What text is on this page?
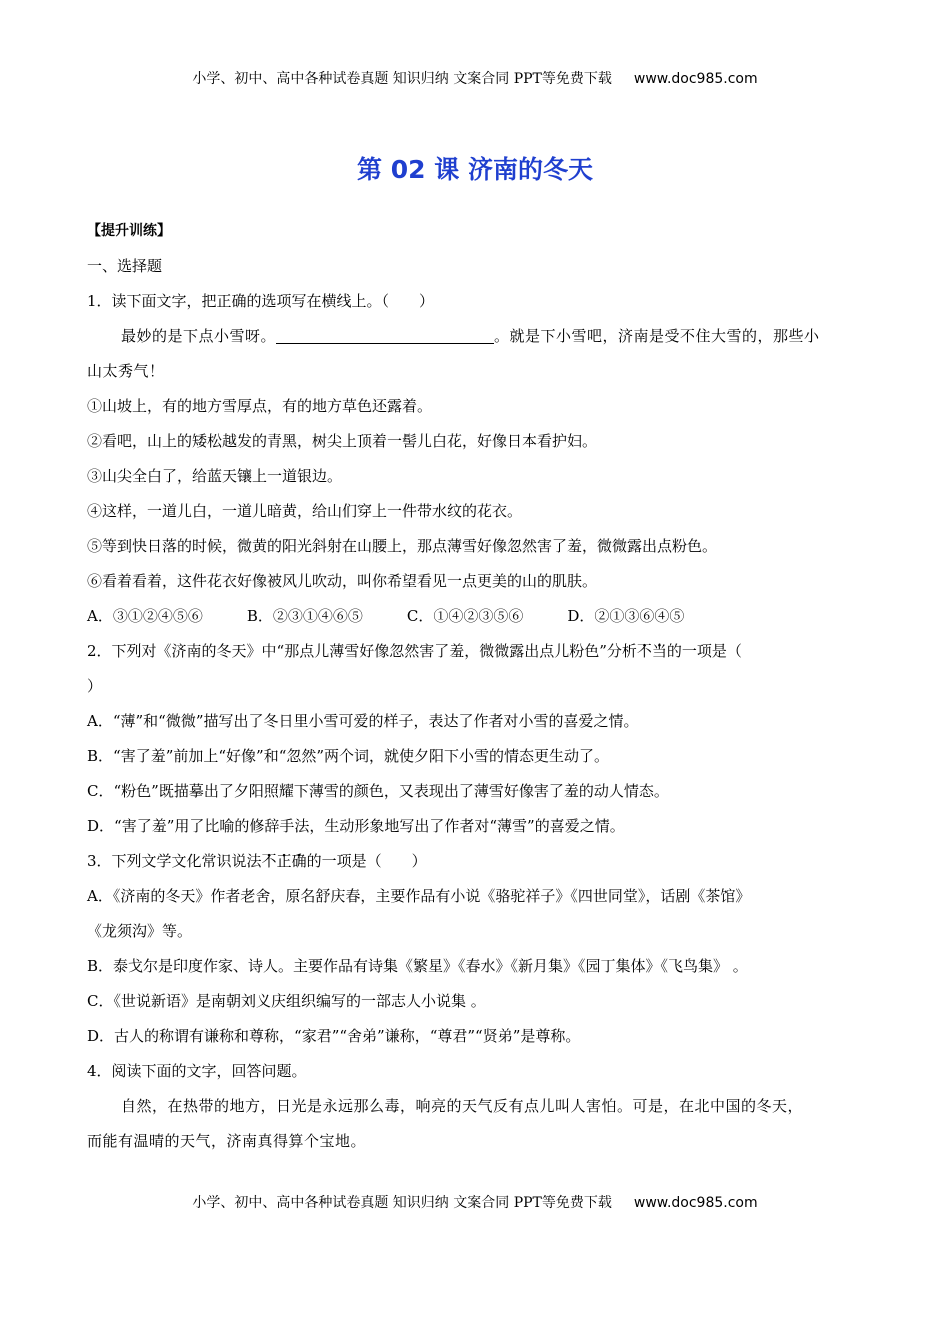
小学、初中、高中各种试卷真题 知识归纳 文案合同 PPT等免费下载 www.doc985.com
第 02 课 济南的冬天
【提升训练】
一、选择题
1．读下面文字，把正确的选项写在横线上。（　　）
最妙的是下点小雪呀。	。就是下小雪吧，济南是受不住大雪的，那些小
山太秀气！
①山坡上，有的地方雪厚点，有的地方草色还露着。
②看吧，山上的矮松越发的青黑，树尖上顶着一髻儿白花，好像日本看护妇。
③山尖全白了，给蓝天镶上一道银边。
④这样，一道儿白，一道儿暗黄，给山们穿上一件带水纹的花衣。
⑤等到快日落的时候，微黄的阳光斜射在山腰上，那点薄雪好像忽然害了羞，微微露出点粉色。
⑥看着看着，这件花衣好像被风儿吹动，叫你希望看见一点更美的山的肌肤。
A．③①②④⑤⑥	B．②③①④⑥⑤	C．①④②③⑤⑥	D．②①③⑥④⑤
2．下列对《济南的冬天》中“那点儿薄雪好像忽然害了羞，微微露出点儿粉色”分析不当的一项是（
）
A．“薄”和“微微”描写出了冬日里小雪可爱的样子，表达了作者对小雪的喜爱之情。
B．“害了羞”前加上“好像”和“忽然”两个词，就使夕阳下小雪的情态更生动了。
C．“粉色”既描摹出了夕阳照耀下薄雪的颜色，又表现出了薄雪好像害了羞的动人情态。
D．“害了羞”用了比喻的修辞手法，生动形象地写出了作者对“薄雪”的喜爱之情。
3．下列文学文化常识说法不正确的一项是（　　）
A．《济南的冬天》作者老舍，原名舒庆春，主要作品有小说《骆驼祥子》《四世同堂》，话剧《茶馆》
《龙须沟》等。
B．泰戈尔是印度作家、诗人。主要作品有诗集《繁星》《春水》《新月集》《园丁集体》《飞鸟集》 。
C．《世说新语》是南朝刘义庆组织编写的一部志人小说集 。
D．古人的称谓有谦称和尊称，“家君”“舍弟”谦称，“尊君”“贤弟”是尊称。
4．阅读下面的文字，回答问题。
自然，在热带的地方，日光是永远那么毒，响亮的天气反有点儿叫人害怕。可是，在北中国的冬天，
而能有温晴的天气，济南真得算个宝地。
小学、初中、高中各种试卷真题 知识归纳 文案合同 PPT等免费下载 www.doc985.com
